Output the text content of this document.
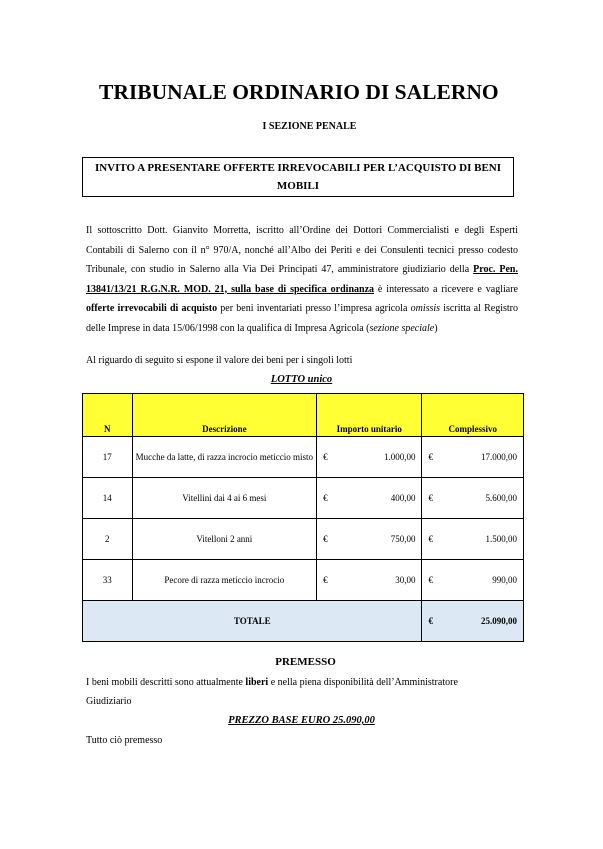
TRIBUNALE ORDINARIO DI SALERNO
I SEZIONE PENALE
INVITO A PRESENTARE OFFERTE IRREVOCABILI PER L’ACQUISTO DI BENI
MOBILI
Il sottoscritto Dott. Gianvito Morretta, iscritto all’Ordine dei Dottori Commercialisti e degli Esperti Contabili di Salerno con il n° 970/A, nonché all’Albo dei Periti e dei Consulenti tecnici presso codesto Tribunale, con studio in Salerno alla Via Dei Principati 47, amministratore giudiziario della Proc. Pen. 13841/13/21 R.G.N.R. MOD. 21, sulla base di specifica ordinanza è interessato a ricevere e vagliare offerte irrevocabili di acquisto per beni inventariati presso l’impresa agricola omissis iscritta al Registro delle Imprese in data 15/06/1998 con la qualifica di Impresa Agricola (sezione speciale)
Al riguardo di seguito si espone il valore dei beni per i singoli lotti
LOTTO unico
N	Descrizione	Importo unitario	Complessivo
17	Mucche da latte, di razza incrocio meticcio misto	€ 1.000,00	€ 17.000,00

14	Vitellini dai 4 ai 6 mesi	€ 400,00	€ 5.600,00

2	Vitelloni 2 anni	€ 750,00	€ 1.500,00

33	Pecore di razza meticcio incrocio	€ 30,00	€ 990,00

TOTALE			€ 25.090,00
PREMESSO
I beni mobili descritti sono attualmente liberi e nella piena disponibilità dell’Amministratore
Giudiziario
PREZZO BASE EURO 25.090,00
Tutto ciò premesso
